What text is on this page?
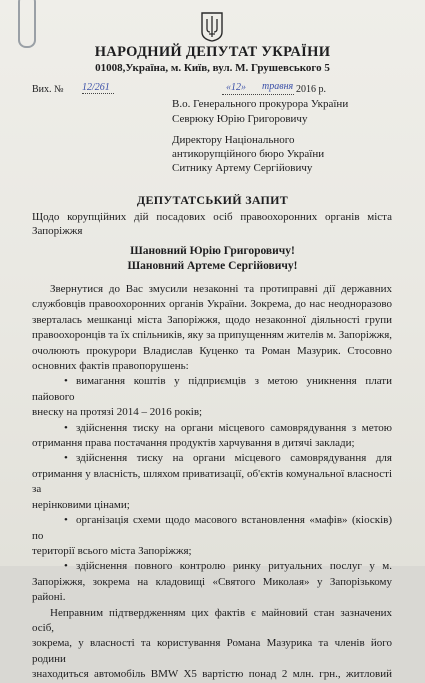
НАРОДНИЙ ДЕПУТАТ УКРАЇНИ
01008,Україна, м. Київ, вул. М. Грушевського 5
Вих. № 12/261	«12» травня 2016 р.
В.о. Генерального прокурора України
Севрюку Юрію Григоровичу
Директору Національного
антикорупційного бюро України
Ситнику Артему Сергійовичу
ДЕПУТАТСЬКИЙ ЗАПИТ
Щодо корупційних дій посадових осіб правоохоронних органів міста Запоріжжя
Шановний Юрію Григоровичу!
Шановний Артеме Сергійовичу!

Звернутися до Вас змусили незаконні та протиправні дії державних

службовців правоохоронних органів України. Зокрема, до нас неодноразово

зверталась мешканці міста Запоріжжя, щодо незаконної діяльності групи

правоохоронців та їх спільників, яку за припущенням жителів м. Запоріжжя,

очолюють прокурори Владислав Куценко та Роман Мазурик. Стосовно

основних фактів правопорушень:

• вимагання коштів у підприємців з метою уникнення плати пайового

внеску на протязі 2014 – 2016 років;

• здійснення тиску на органи місцевого самоврядування з метою

отримання права постачання продуктів харчування в дитячі заклади;

• здійснення тиску на органи місцевого самоврядування для

отримання у власність, шляхом приватизації, об'єктів комунальної власності за

нерінковими цінами;

• організація схеми щодо масового встановлення «мафів» (кіосків) по

території всього міста Запоріжжя;

• здійснення повного контролю ринку ритуальних послуг у м.

Запоріжжя, зокрема на кладовищі «Святого Миколая» у Запорізькому районі.

Неправним підтвердженням цих фактів є майновий стан зазначених осіб,

зокрема, у власності та користування Романа Мазурика та членів його родини

знаходиться автомобіль BMW X5 вартістю понад 2 млн. грн., житловий
